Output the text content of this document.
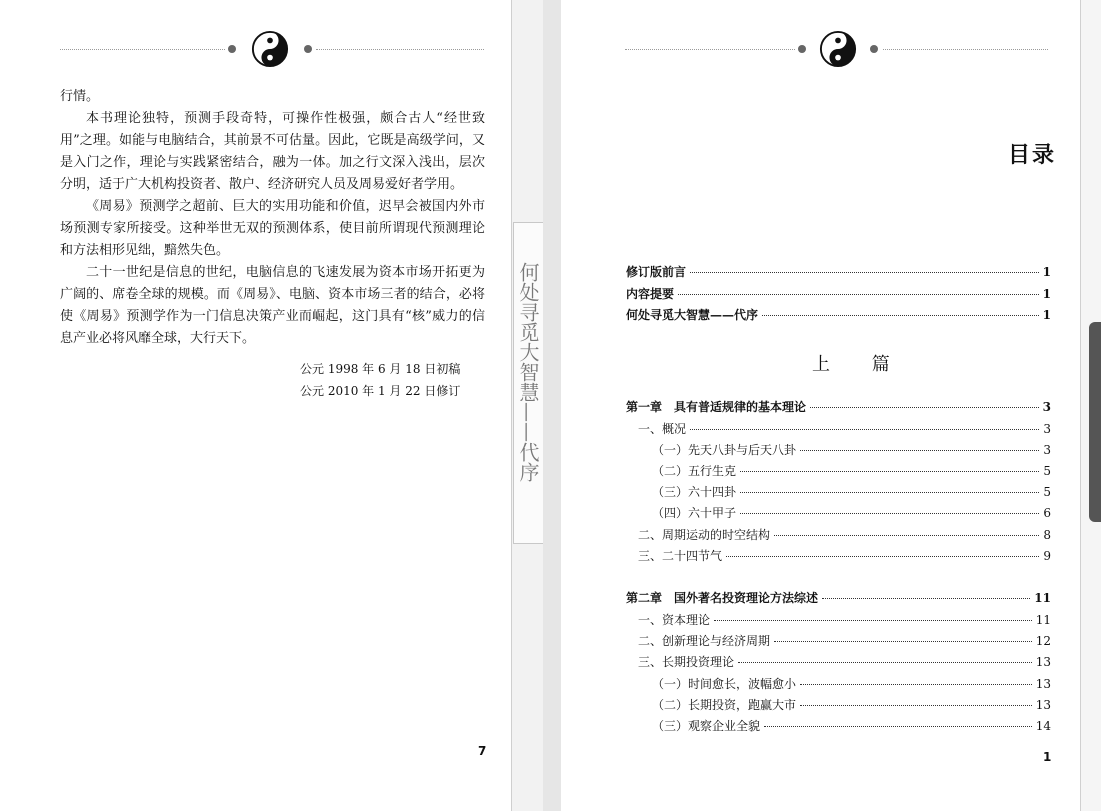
行情。

本书理论独特，预测手段奇特，可操作性极强，颇合古人“经世致用”之理。如能与电脑结合，其前景不可估量。因此，它既是高级学问，又是入门之作，理论与实践紧密结合，融为一体。加之行文深入浅出，层次分明，适于广大机构投资者、散户、经济研究人员及周易爱好者学用。

《周易》预测学之超前、巨大的实用功能和价值，迟早会被国内外市场预测专家所接受。这种举世无双的预测体系，使目前所谓现代预测理论和方法相形见绌，黯然失色。

二十一世纪是信息的世纪，电脑信息的飞速发展为资本市场开拓更为广阔的、席卷全球的规模。而《周易》、电脑、资本市场三者的结合，必将使《周易》预测学作为一门信息决策产业而崛起，这门具有“核”威力的信息产业必将风靡全球，大行天下。

公元 1998 年 6 月 18 日初稿
公元 2010 年 1 月 22 日修订
7
何处寻觅大智慧——代序
目录
上 篇
修订版前言	1
内容提要	1
何处寻觅大智慧——代序	1
第一章　具有普适规律的基本理论	3
一、概况	3
（一）先天八卦与后天八卦	3
（二）五行生克	5
（三）六十四卦	5
（四）六十甲子	6
二、周期运动的时空结构	8
三、二十四节气	9
第二章　国外著名投资理论方法综述	11
一、资本理论	11
二、创新理论与经济周期	12
三、长期投资理论	13
（一）时间愈长，波幅愈小	13
（二）长期投资，跑赢大市	13
（三）观察企业全貌	14
1
